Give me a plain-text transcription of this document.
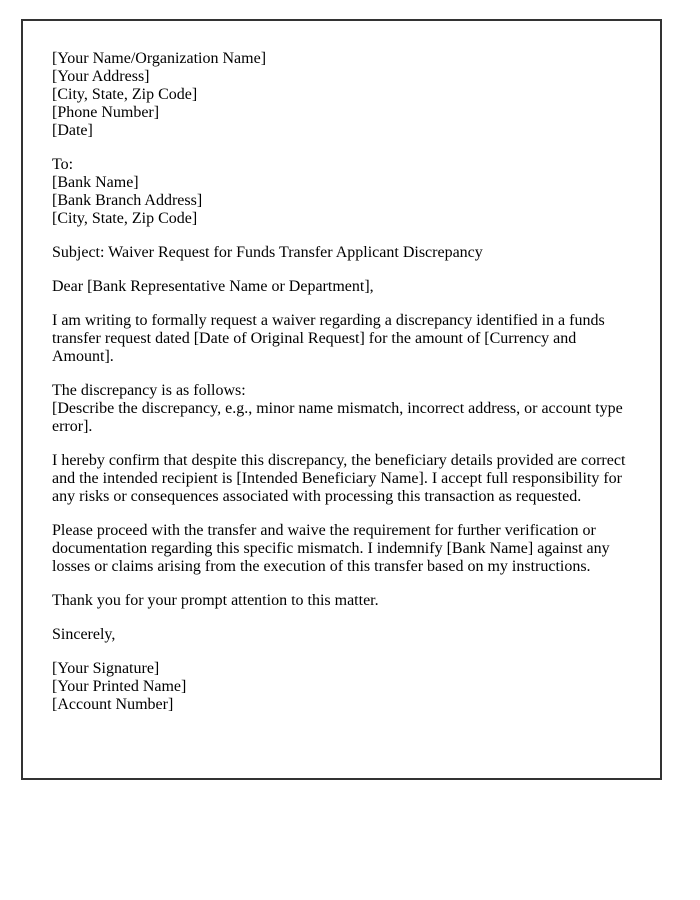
[Your Name/Organization Name]
[Your Address]
[City, State, Zip Code]
[Phone Number]
[Date]

To:
[Bank Name]
[Bank Branch Address]
[City, State, Zip Code]

Subject: Waiver Request for Funds Transfer Applicant Discrepancy

Dear [Bank Representative Name or Department],

I am writing to formally request a waiver regarding a discrepancy identified in a funds transfer request dated [Date of Original Request] for the amount of [Currency and Amount].

The discrepancy is as follows:
[Describe the discrepancy, e.g., minor name mismatch, incorrect address, or account type error].

I hereby confirm that despite this discrepancy, the beneficiary details provided are correct and the intended recipient is [Intended Beneficiary Name]. I accept full responsibility for any risks or consequences associated with processing this transaction as requested.

Please proceed with the transfer and waive the requirement for further verification or documentation regarding this specific mismatch. I indemnify [Bank Name] against any losses or claims arising from the execution of this transfer based on my instructions.

Thank you for your prompt attention to this matter.

Sincerely,

[Your Signature]
[Your Printed Name]
[Account Number]
